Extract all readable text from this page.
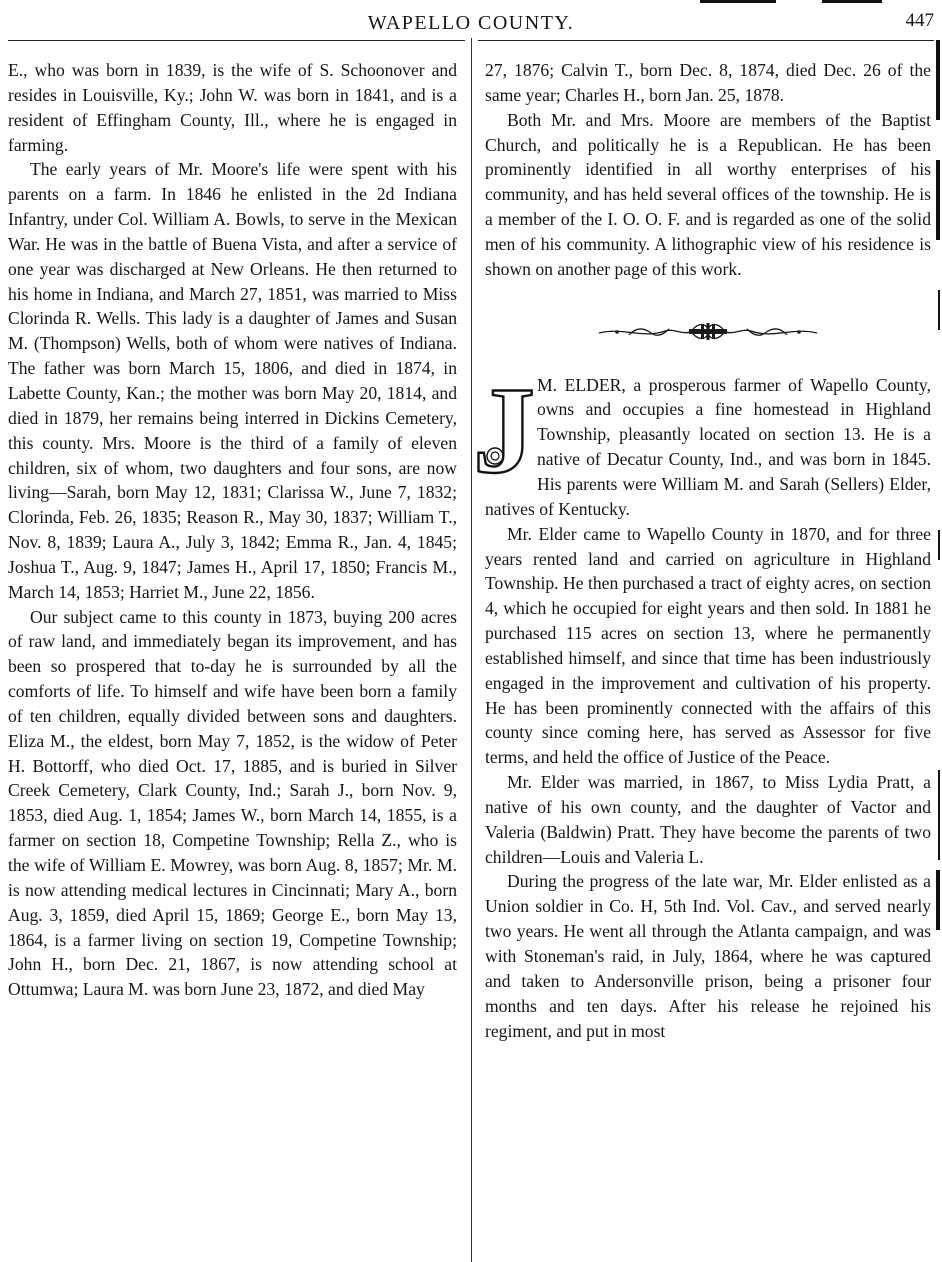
WAPELLO COUNTY.	447

E., who was born in 1839, is the wife of S. Schoonover and resides in Louisville, Ky.; John W. was born in 1841, and is a resident of Effingham County, Ill., where he is engaged in farming.

The early years of Mr. Moore's life were spent with his parents on a farm. In 1846 he enlisted in the 2d Indiana Infantry, under Col. William A. Bowls, to serve in the Mexican War. He was in the battle of Buena Vista, and after a service of one year was discharged at New Orleans. He then returned to his home in Indiana, and March 27, 1851, was married to Miss Clorinda R. Wells. This lady is a daughter of James and Susan M. (Thompson) Wells, both of whom were natives of Indiana. The father was born March 15, 1806, and died in 1874, in Labette County, Kan.; the mother was born May 20, 1814, and died in 1879, her remains being interred in Dickins Cemetery, this county. Mrs. Moore is the third of a family of eleven children, six of whom, two daughters and four sons, are now living—Sarah, born May 12, 1831; Clarissa W., June 7, 1832; Clorinda, Feb. 26, 1835; Reason R., May 30, 1837; William T., Nov. 8, 1839; Laura A., July 3, 1842; Emma R., Jan. 4, 1845; Joshua T., Aug. 9, 1847; James H., April 17, 1850; Francis M., March 14, 1853; Harriet M., June 22, 1856.

Our subject came to this county in 1873, buying 200 acres of raw land, and immediately began its improvement, and has been so prospered that to-day he is surrounded by all the comforts of life. To himself and wife have been born a family of ten children, equally divided between sons and daughters. Eliza M., the eldest, born May 7, 1852, is the widow of Peter H. Bottorff, who died Oct. 17, 1885, and is buried in Silver Creek Cemetery, Clark County, Ind.; Sarah J., born Nov. 9, 1853, died Aug. 1, 1854; James W., born March 14, 1855, is a farmer on section 18, Competine Township; Rella Z., who is the wife of William E. Mowrey, was born Aug. 8, 1857; Mr. M. is now attending medical lectures in Cincinnati; Mary A., born Aug. 3, 1859, died April 15, 1869; George E., born May 13, 1864, is a farmer living on section 19, Competine Township; John H., born Dec. 21, 1867, is now attending school at Ottumwa; Laura M. was born June 23, 1872, and died May

27, 1876; Calvin T., born Dec. 8, 1874, died Dec. 26 of the same year; Charles H., born Jan. 25, 1878.

Both Mr. and Mrs. Moore are members of the Baptist Church, and politically he is a Republican. He has been prominently identified in all worthy enterprises of his community, and has held several offices of the township. He is a member of the I. O. O. F. and is regarded as one of the solid men of his community. A lithographic view of his residence is shown on another page of this work.

J M. ELDER, a prosperous farmer of Wapello County, owns and occupies a fine homestead in Highland Township, pleasantly located on section 13. He is a native of Decatur County, Ind., and was born in 1845. His parents were William M. and Sarah (Sellers) Elder, natives of Kentucky.

Mr. Elder came to Wapello County in 1870, and for three years rented land and carried on agriculture in Highland Township. He then purchased a tract of eighty acres, on section 4, which he occupied for eight years and then sold. In 1881 he purchased 115 acres on section 13, where he permanently established himself, and since that time has been industriously engaged in the improvement and cultivation of his property. He has been prominently connected with the affairs of this county since coming here, has served as Assessor for five terms, and held the office of Justice of the Peace.

Mr. Elder was married, in 1867, to Miss Lydia Pratt, a native of his own county, and the daughter of Vactor and Valeria (Baldwin) Pratt. They have become the parents of two children—Louis and Valeria L.

During the progress of the late war, Mr. Elder enlisted as a Union soldier in Co. H, 5th Ind. Vol. Cav., and served nearly two years. He went all through the Atlanta campaign, and was with Stoneman's raid, in July, 1864, where he was captured and taken to Andersonville prison, being a prisoner four months and ten days. After his release he rejoined his regiment, and put in most
